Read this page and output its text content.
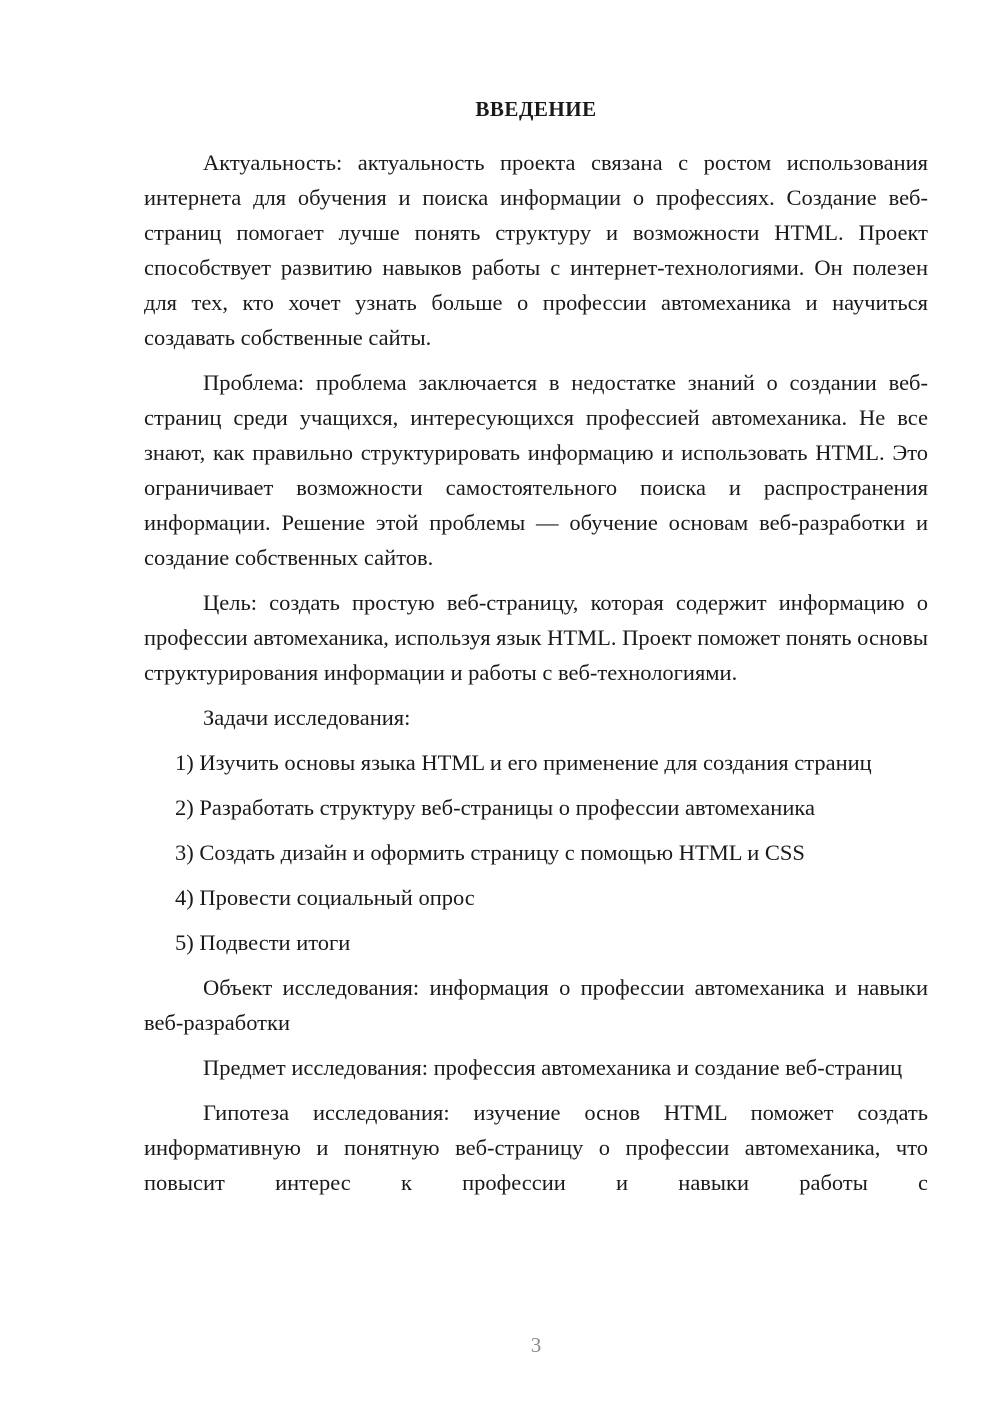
ВВЕДЕНИЕ

Актуальность: актуальность проекта связана с ростом использования интернета для обучения и поиска информации о профессиях. Создание веб-страниц помогает лучше понять структуру и возможности HTML. Проект способствует развитию навыков работы с интернет-технологиями. Он полезен для тех, кто хочет узнать больше о профессии автомеханика и научиться создавать собственные сайты.

Проблема: проблема заключается в недостатке знаний о создании веб-страниц среди учащихся, интересующихся профессией автомеханика. Не все знают, как правильно структурировать информацию и использовать HTML. Это ограничивает возможности самостоятельного поиска и распространения информации. Решение этой проблемы — обучение основам веб-разработки и создание собственных сайтов.

Цель: создать простую веб-страницу, которая содержит информацию о профессии автомеханика, используя язык HTML. Проект поможет понять основы структурирования информации и работы с веб-технологиями.

Задачи исследования:

1) Изучить основы языка HTML и его применение для создания страниц

2) Разработать структуру веб-страницы о профессии автомеханика

3) Создать дизайн и оформить страницу с помощью HTML и CSS

4) Провести социальный опрос

5) Подвести итоги

Объект исследования: информация о профессии автомеханика и навыки веб-разработки

Предмет исследования: профессия автомеханика и создание веб-страниц

Гипотеза исследования: изучение основ HTML поможет создать информативную и понятную веб-страницу о профессии автомеханика, что повысит интерес к профессии и навыки работы с

3
